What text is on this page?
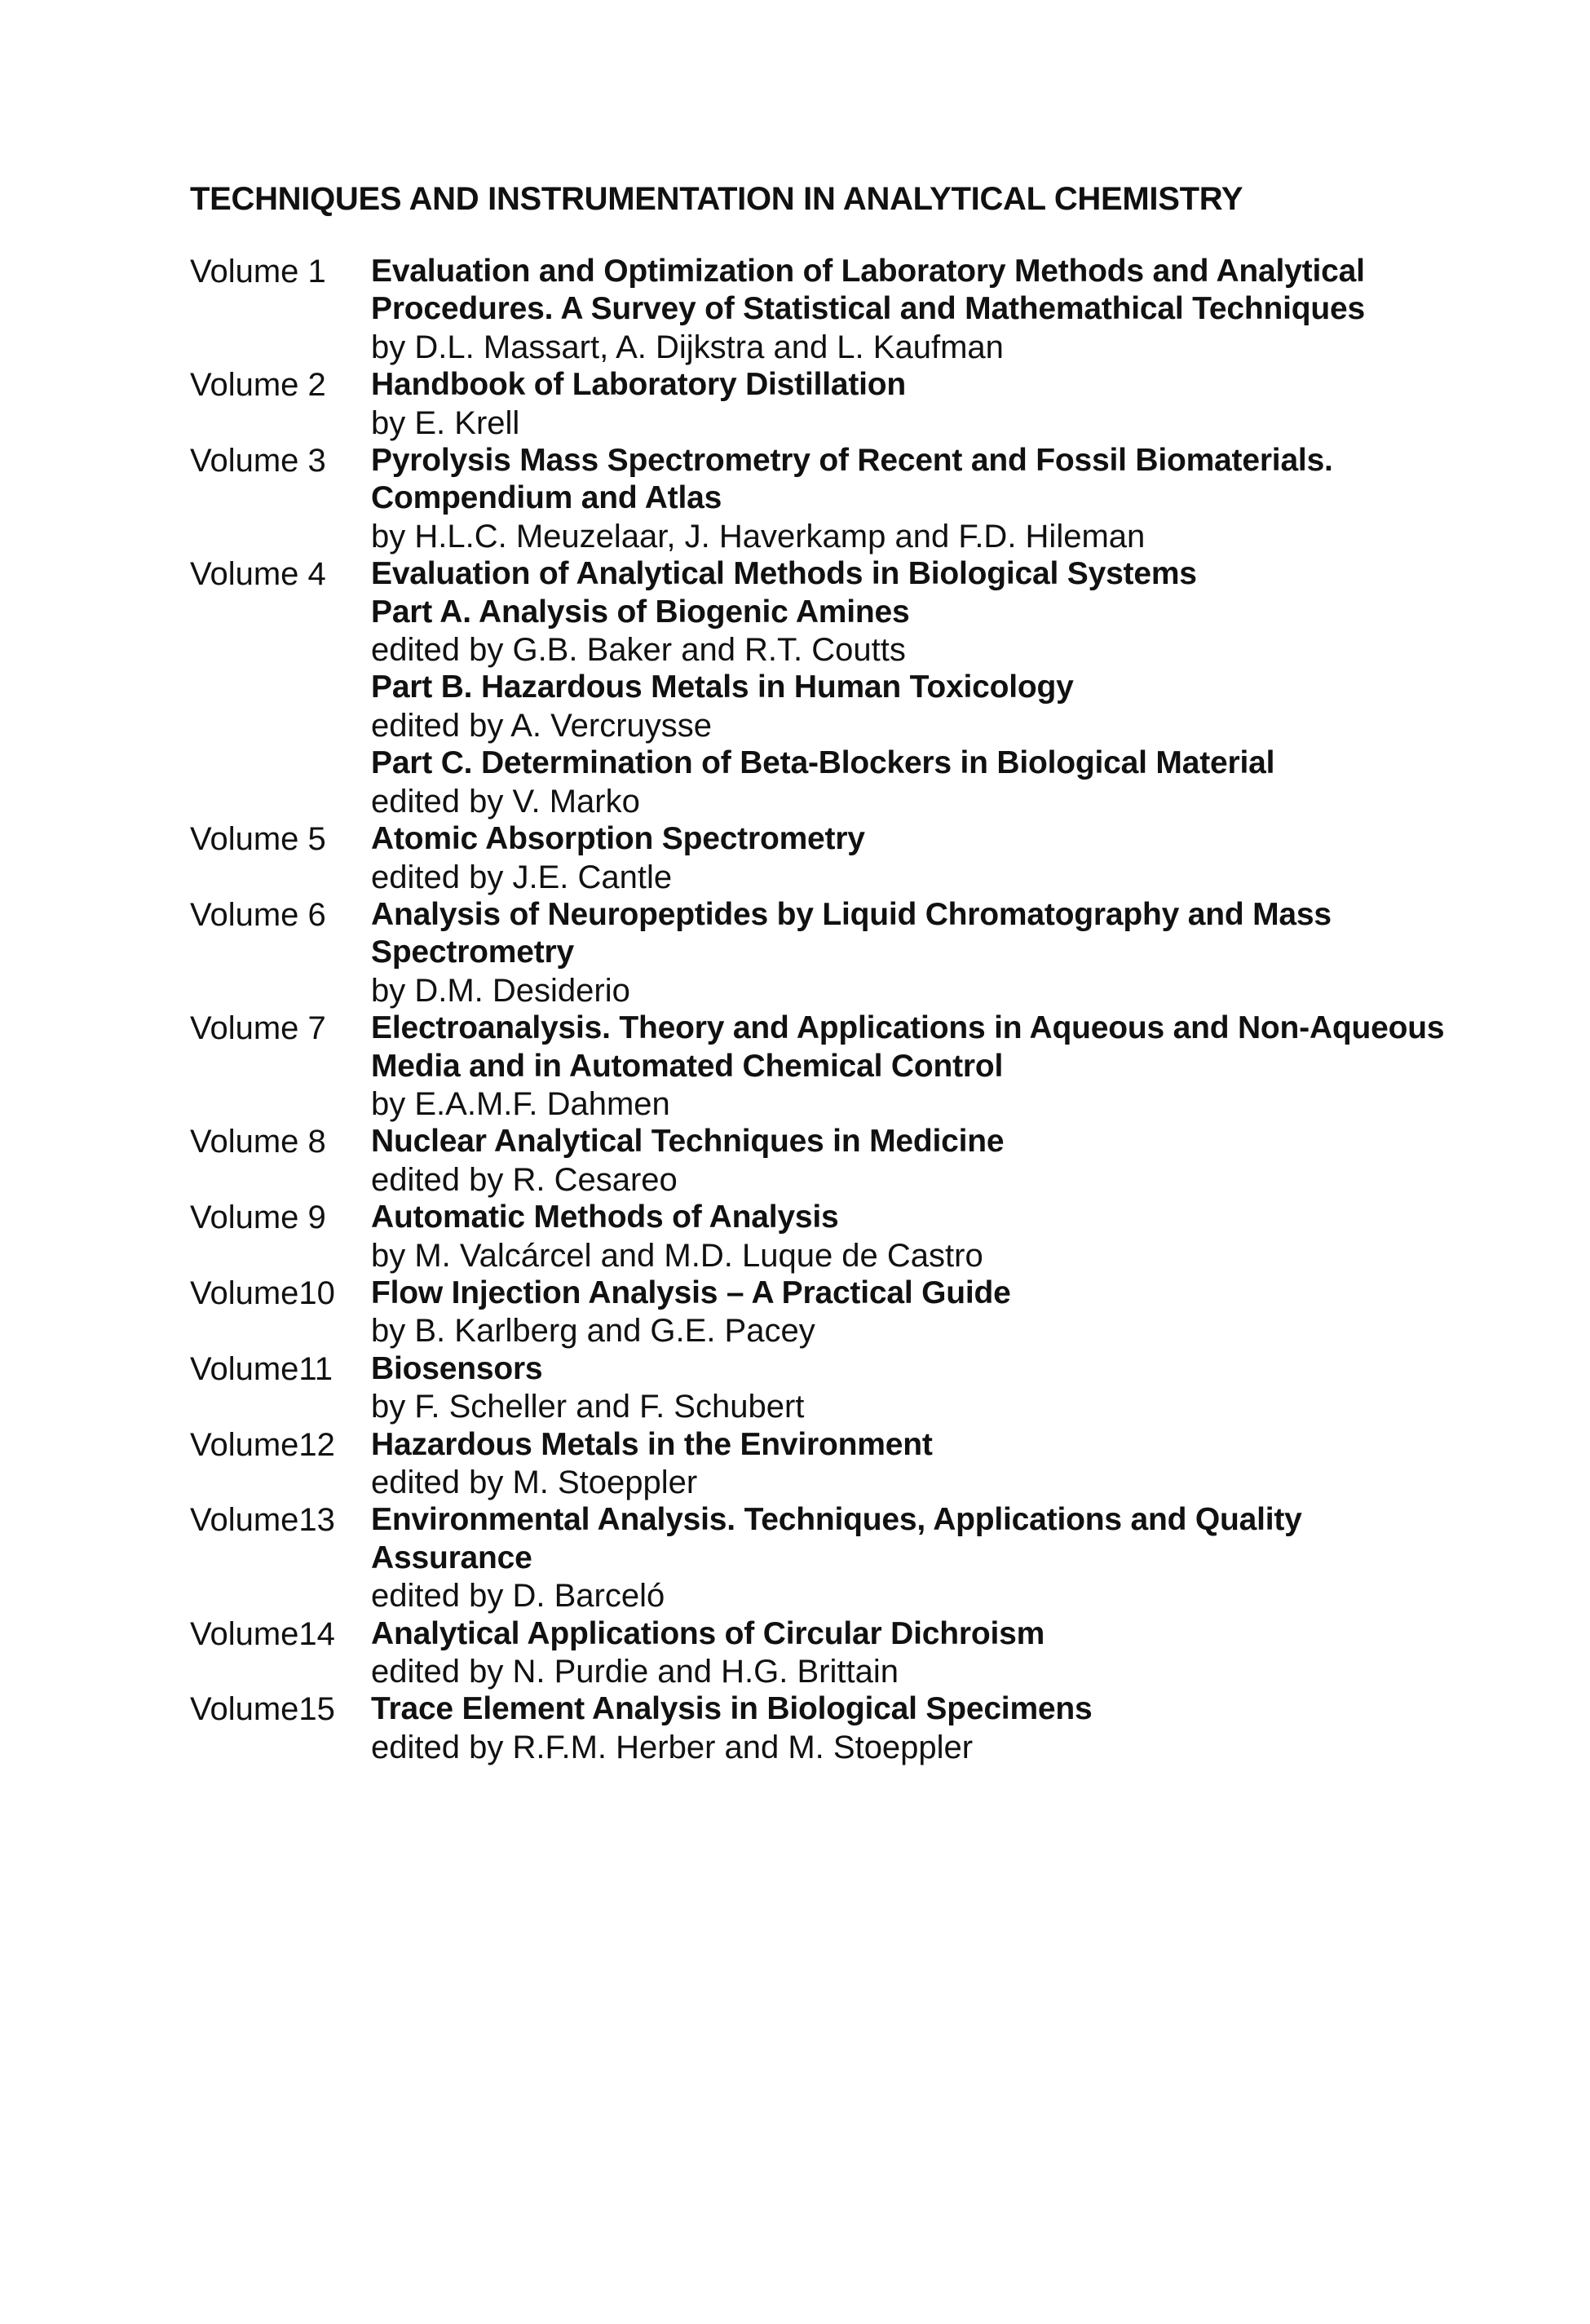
TECHNIQUES AND INSTRUMENTATION IN ANALYTICAL CHEMISTRY
Volume 1	Evaluation and Optimization of Laboratory Methods and Analytical Procedures. A Survey of Statistical and Mathemathical Techniques
by D.L. Massart, A. Dijkstra and L. Kaufman
Volume 2	Handbook of Laboratory Distillation
by E. Krell
Volume 3	Pyrolysis Mass Spectrometry of Recent and Fossil Biomaterials. Compendium and Atlas
by H.L.C. Meuzelaar, J. Haverkamp and F.D. Hileman
Volume 4	Evaluation of Analytical Methods in Biological Systems
Part A. Analysis of Biogenic Amines
edited by G.B. Baker and R.T. Coutts
Part B. Hazardous Metals in Human Toxicology
edited by A. Vercruysse
Part C. Determination of Beta-Blockers in Biological Material
edited by V. Marko
Volume 5	Atomic Absorption Spectrometry
edited by J.E. Cantle
Volume 6	Analysis of Neuropeptides by Liquid Chromatography and Mass Spectrometry
by D.M. Desiderio
Volume 7	Electroanalysis. Theory and Applications in Aqueous and Non-Aqueous Media and in Automated Chemical Control
by E.A.M.F. Dahmen
Volume 8	Nuclear Analytical Techniques in Medicine
edited by R. Cesareo
Volume 9	Automatic Methods of Analysis
by M. Valcárcel and M.D. Luque de Castro
Volume10	Flow Injection Analysis – A Practical Guide
by B. Karlberg and G.E. Pacey
Volume11	Biosensors
by F. Scheller and F. Schubert
Volume12	Hazardous Metals in the Environment
edited by M. Stoeppler
Volume13	Environmental Analysis. Techniques, Applications and Quality Assurance
edited by D. Barceló
Volume14	Analytical Applications of Circular Dichroism
edited by N. Purdie and H.G. Brittain
Volume15	Trace Element Analysis in Biological Specimens
edited by R.F.M. Herber and M. Stoeppler
